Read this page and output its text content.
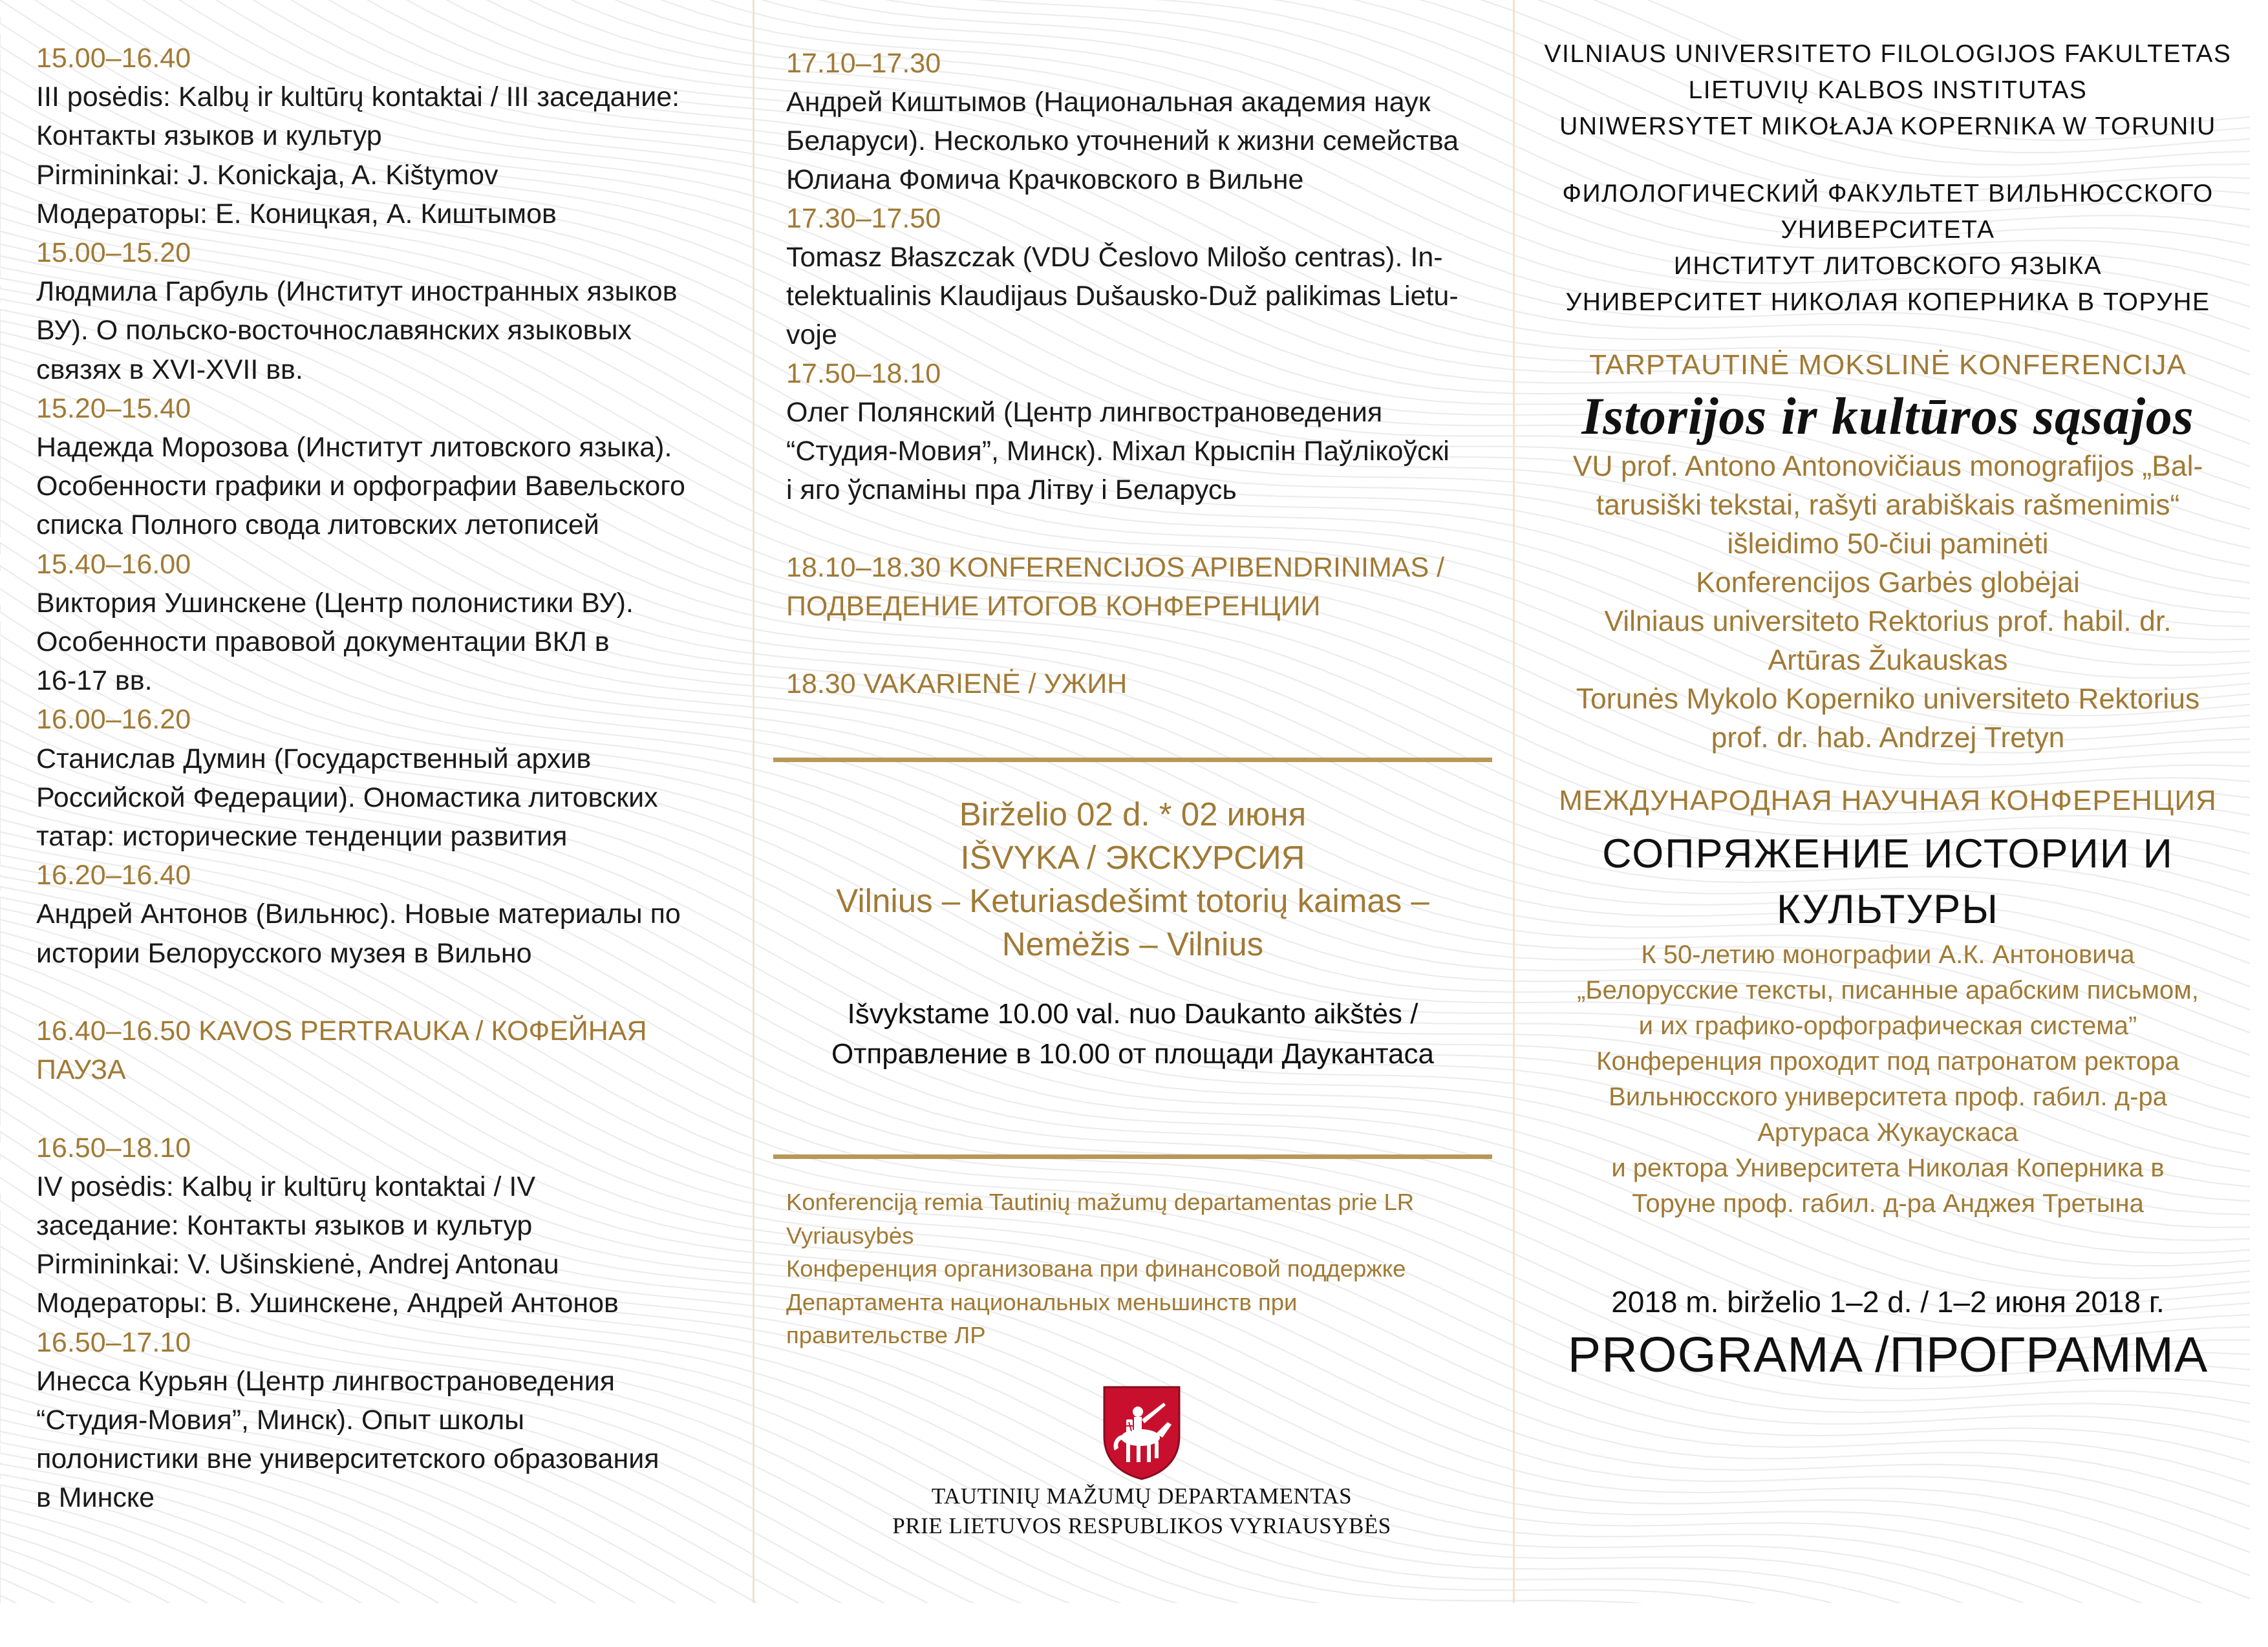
15.00–16.40
III posėdis: Kalbų ir kultūrų kontaktai / III заседание:
Контакты языков и культур
Pirmininkai: J. Konickaja, A. Kištymov
Модераторы: Е. Коницкая, А. Киштымов
15.00–15.20
Людмила Гарбуль (Институт иностранных языков
ВУ). О польско-восточнославянских языковых
связях в XVI-XVII вв.
15.20–15.40
Надежда Морозова (Институт литовского языка).
Особенности графики и орфографии Вавельского
списка Полного свода литовских летописей
15.40–16.00
Виктория Ушинскене (Центр полонистики ВУ).
Особенности правовой документации ВКЛ в
16-17 вв.
16.00–16.20
Станислав Думин (Государственный архив
Российской Федерации). Ономастика литовских
татар: исторические тенденции развития
16.20–16.40
Андрей Антонов (Вильнюс). Новые материалы по
истории Белорусского музея в Вильно
16.40–16.50 KAVOS PERTRAUKA / КОФЕЙНАЯ
ПАУЗА
16.50–18.10
IV posėdis: Kalbų ir kultūrų kontaktai / IV
заседание: Контакты языков и культур
Pirmininkai: V. Ušinskienė, Andrej Antonau
Модераторы: В. Ушинскене, Андрей Антонов
16.50–17.10
Инесса Курьян (Центр лингвострановедения
“Студия-Мовия”, Минск). Опыт школы
полонистики вне университетского образования
в Минске
17.10–17.30
Андрей Киштымов (Национальная академия наук
Беларуси). Несколько уточнений к жизни семейства
Юлиана Фомича Крачковского в Вильне
17.30–17.50
Tomasz Błaszczak (VDU Česlovo Milošo centras). In-
telektualinis Klaudijaus Dušausko-Duž palikimas Lietu-
voje
17.50–18.10
Олег Полянский (Центр лингвострановедения
“Студия-Мовия”, Минск). Міхал Крыспін Паўлікоўскі
і яго ўспаміны пра Літву і Беларусь
18.10–18.30 KONFERENCIJOS APIBENDRINIMAS /
ПОДВЕДЕНИЕ ИТОГОВ КОНФЕРЕНЦИИ
18.30 VAKARIENĖ / УЖИН
Birželio 02 d. * 02 июня
IŠVYKA / ЭКСКУРСИЯ
Vilnius – Keturiasdešimt totorių kaimas –
Nemėžis – Vilnius
Išvykstame 10.00 val. nuo Daukanto aikštės /
Отправление в 10.00 от площади Даукантаса
Konferenciją remia Tautinių mažumų departamentas prie LR
Vyriausybės
Конференция организована при финансовой поддержке
Департамента национальных меньшинств при
правительстве ЛР
TAUTINIŲ MAŽUMŲ DEPARTAMENTAS
PRIE LIETUVOS RESPUBLIKOS VYRIAUSYBĖS
VILNIAUS UNIVERSITETO FILOLOGIJOS FAKULTETAS
LIETUVIŲ KALBOS INSTITUTAS
UNIWERSYTET MIKOŁAJA KOPERNIKA W TORUNIU
ФИЛОЛОГИЧЕСКИЙ ФАКУЛЬТЕТ ВИЛЬНЮССКОГО
УНИВЕРСИТЕТА
ИНСТИТУТ ЛИТОВСКОГО ЯЗЫКА
УНИВЕРСИТЕТ НИКОЛАЯ КОПЕРНИКА В ТОРУНЕ
TARPTAUTINĖ MOKSLINĖ KONFERENCIJA
Istorijos ir kultūros sąsajos
VU prof. Antono Antonovičiaus monografijos „Bal-
tarusiški tekstai, rašyti arabiškais rašmenimis“
išleidimo 50-čiui paminėti
Konferencijos Garbės globėjai
Vilniaus universiteto Rektorius prof. habil. dr.
Artūras Žukauskas
Torunės Mykolo Koperniko universiteto Rektorius
prof. dr. hab. Andrzej Tretyn
МЕЖДУНАРОДНАЯ НАУЧНАЯ КОНФЕРЕНЦИЯ
СОПРЯЖЕНИЕ ИСТОРИИ И
КУЛЬТУРЫ
К 50-летию монографии А.К. Антоновича
„Белорусские тексты, писанные арабским письмом,
и их графико-орфографическая система”
Конференция проходит под патронатом ректора
Вильнюсского университета проф. габил. д-ра
Артураса Жукаускаса
и ректора Университета Николая Коперника в
Торуне проф. габил. д-ра Анджея Третына
2018 m. birželio 1–2 d. / 1–2 июня 2018 г.
PROGRAMA /ПРОГРАММА
